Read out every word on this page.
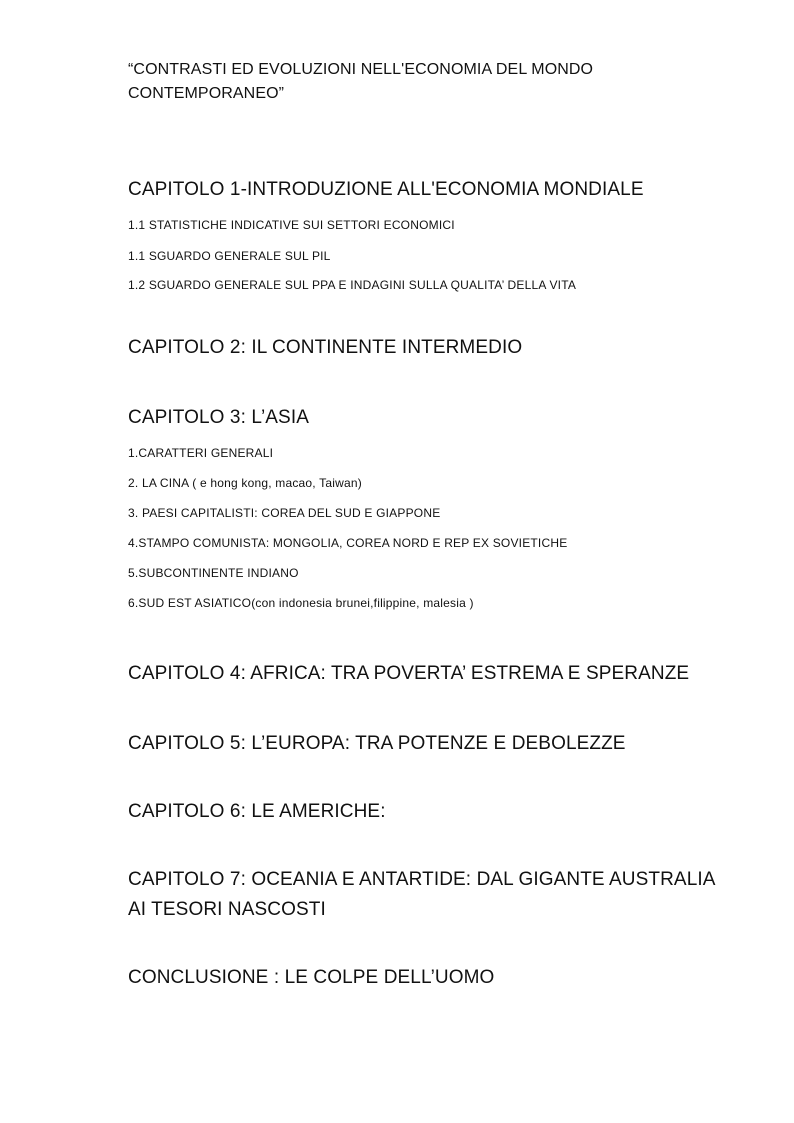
“CONTRASTI ED EVOLUZIONI NELL'ECONOMIA DEL MONDO CONTEMPORANEO”
CAPITOLO 1-INTRODUZIONE ALL'ECONOMIA MONDIALE
1.1 STATISTICHE INDICATIVE SUI SETTORI ECONOMICI
1.1 SGUARDO GENERALE SUL PIL
1.2 SGUARDO GENERALE SUL PPA E INDAGINI SULLA QUALITA’ DELLA VITA
CAPITOLO 2: IL CONTINENTE INTERMEDIO
CAPITOLO 3: L’ASIA
1.CARATTERI GENERALI
2. LA CINA ( e hong kong, macao, Taiwan)
3. PAESI CAPITALISTI: COREA DEL SUD E GIAPPONE
4.STAMPO COMUNISTA: MONGOLIA, COREA NORD E REP EX SOVIETICHE
5.SUBCONTINENTE INDIANO
6.SUD EST ASIATICO(con indonesia brunei,filippine, malesia )
CAPITOLO 4: AFRICA: TRA POVERTA’ ESTREMA E SPERANZE
CAPITOLO 5: L’EUROPA: TRA POTENZE E DEBOLEZZE
CAPITOLO 6: LE AMERICHE:
CAPITOLO 7: OCEANIA E ANTARTIDE: DAL GIGANTE AUSTRALIA AI TESORI NASCOSTI
CONCLUSIONE : LE COLPE DELL’UOMO
